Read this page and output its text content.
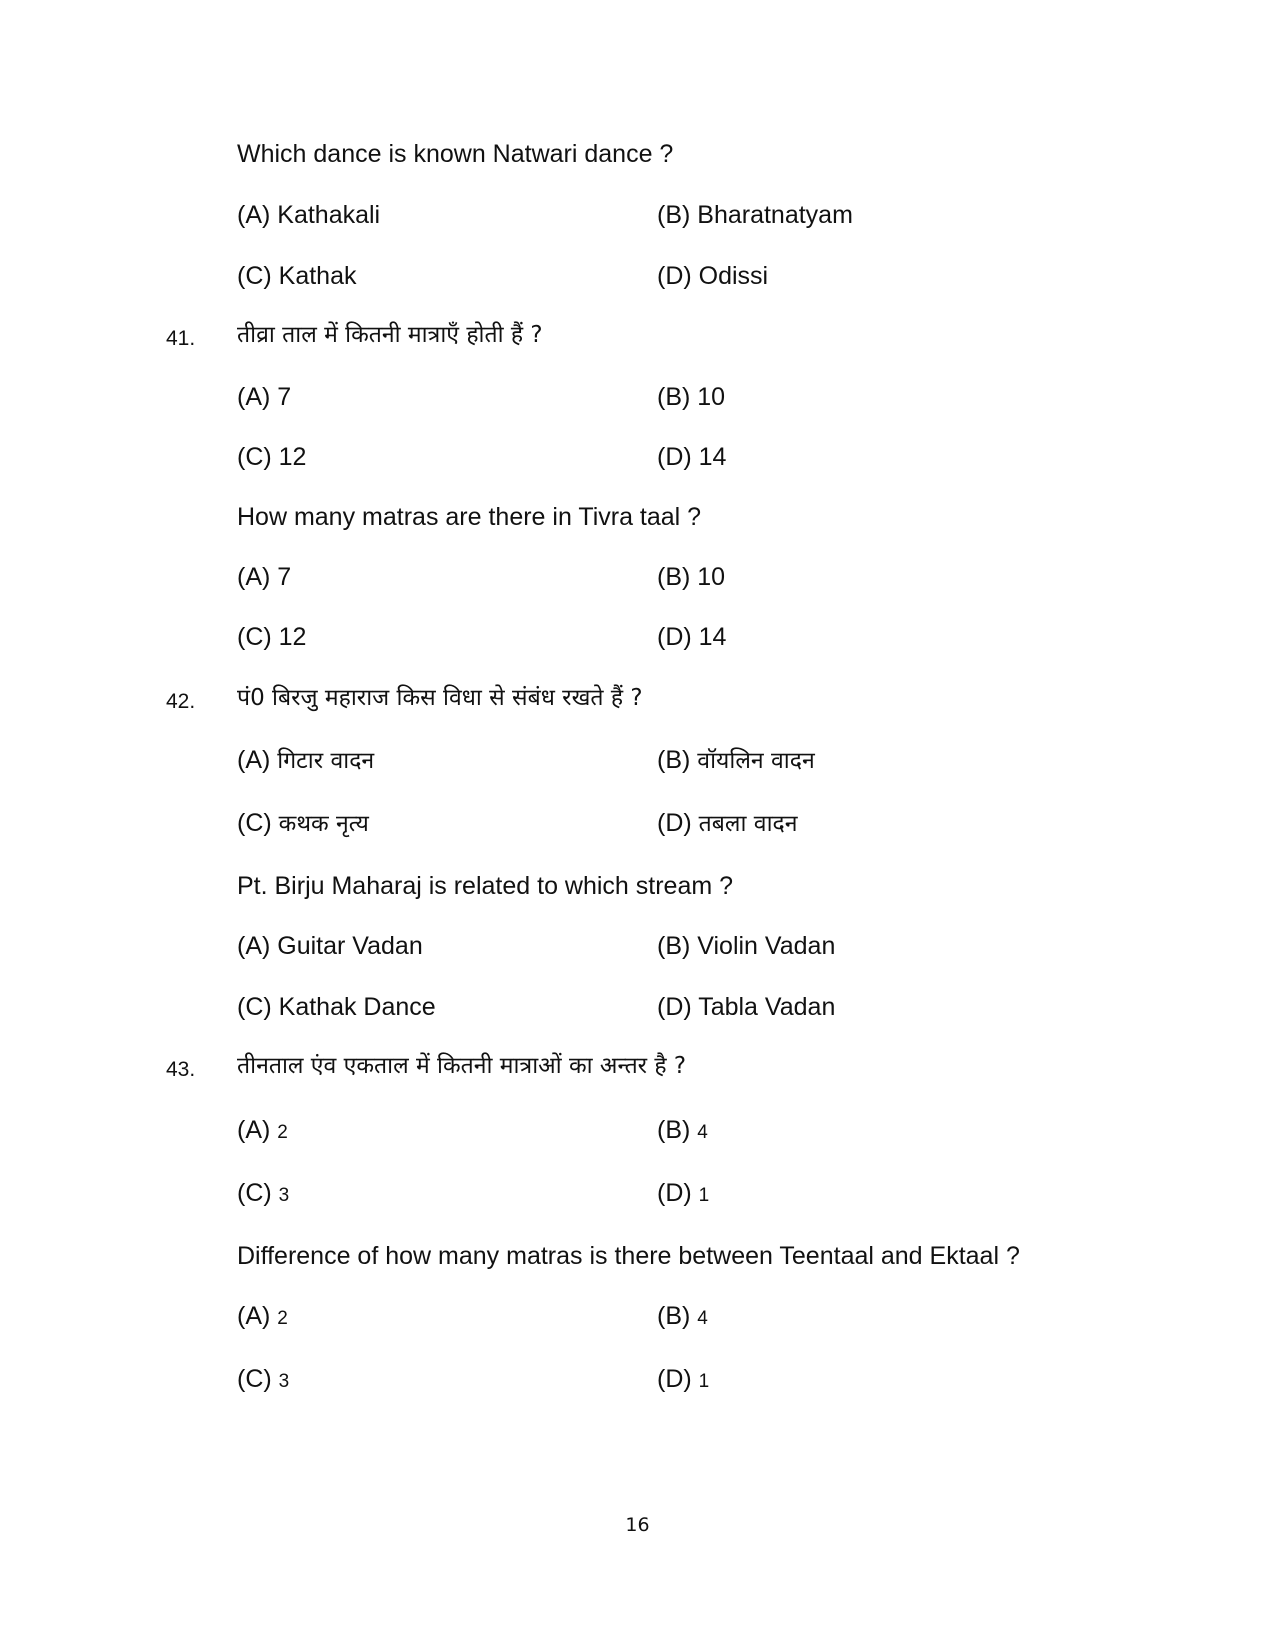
Which dance is known Natwari dance ?
(A) Kathakali	(B) Bharatnatyam
(C) Kathak	(D) Odissi
41. तीव्रा ताल में कितनी मात्राएँ होती हैं ?
(A) 7	(B) 10
(C) 12	(D) 14
How many matras are there in Tivra taal ?
(A) 7	(B) 10
(C) 12	(D) 14
42. पं0 बिरजु महाराज किस विधा से संबंध रखते हैं ?
(A) गिटार वादन	(B) वॉयलिन वादन
(C) कथक नृत्य	(D) तबला वादन
Pt. Birju Maharaj is related to which stream ?
(A) Guitar Vadan	(B) Violin Vadan
(C) Kathak Dance	(D) Tabla Vadan
43. तीनताल एंव एकताल में कितनी मात्राओं का अन्तर है ?
(A) 2	(B) 4
(C) 3	(D) 1
Difference of how many matras is there between Teentaal and Ektaal ?
(A) 2	(B) 4
(C) 3	(D) 1
16
